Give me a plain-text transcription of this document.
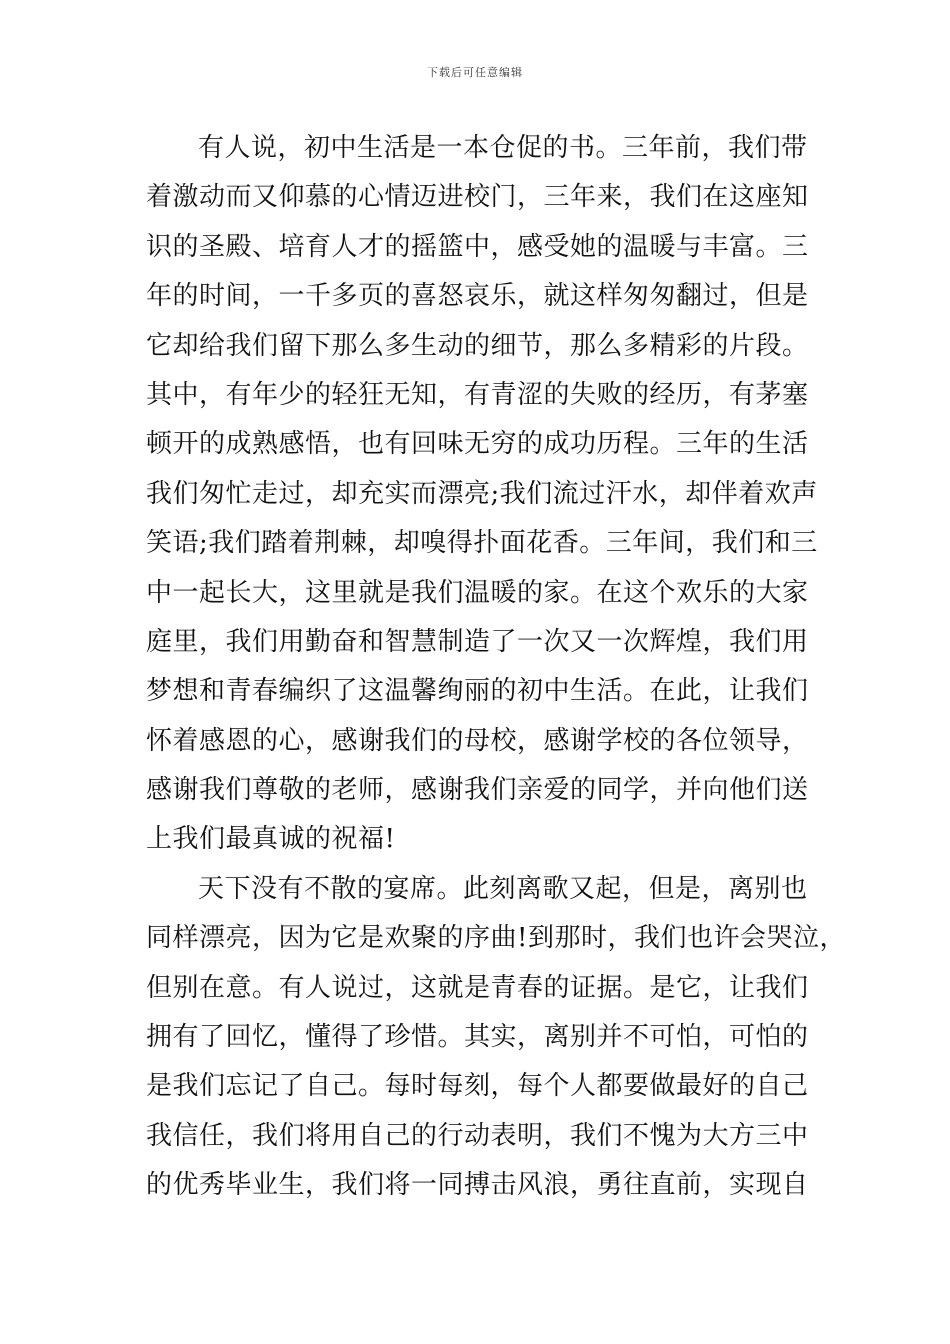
下载后可任意编辑
有人说，初中生活是一本仓促的书。三年前，我们带
着激动而又仰慕的心情迈进校门，三年来，我们在这座知
识的圣殿、培育人才的摇篮中，感受她的温暖与丰富。三
年的时间，一千多页的喜怒哀乐，就这样匆匆翻过，但是
它却给我们留下那么多生动的细节，那么多精彩的片段。
其中，有年少的轻狂无知，有青涩的失败的经历，有茅塞
顿开的成熟感悟，也有回味无穷的成功历程。三年的生活
我们匆忙走过，却充实而漂亮;我们流过汗水，却伴着欢声
笑语;我们踏着荆棘，却嗅得扑面花香。三年间，我们和三
中一起长大，这里就是我们温暖的家。在这个欢乐的大家
庭里，我们用勤奋和智慧制造了一次又一次辉煌，我们用
梦想和青春编织了这温馨绚丽的初中生活。在此，让我们
怀着感恩的心，感谢我们的母校，感谢学校的各位领导，
感谢我们尊敬的老师，感谢我们亲爱的同学，并向他们送
上我们最真诚的祝福!
天下没有不散的宴席。此刻离歌又起，但是，离别也
同样漂亮，因为它是欢聚的序曲!到那时，我们也许会哭泣，
但别在意。有人说过，这就是青春的证据。是它，让我们
拥有了回忆，懂得了珍惜。其实，离别并不可怕，可怕的
是我们忘记了自己。每时每刻，每个人都要做最好的自己
我信任，我们将用自己的行动表明，我们不愧为大方三中
的优秀毕业生，我们将一同搏击风浪，勇往直前，实现自
